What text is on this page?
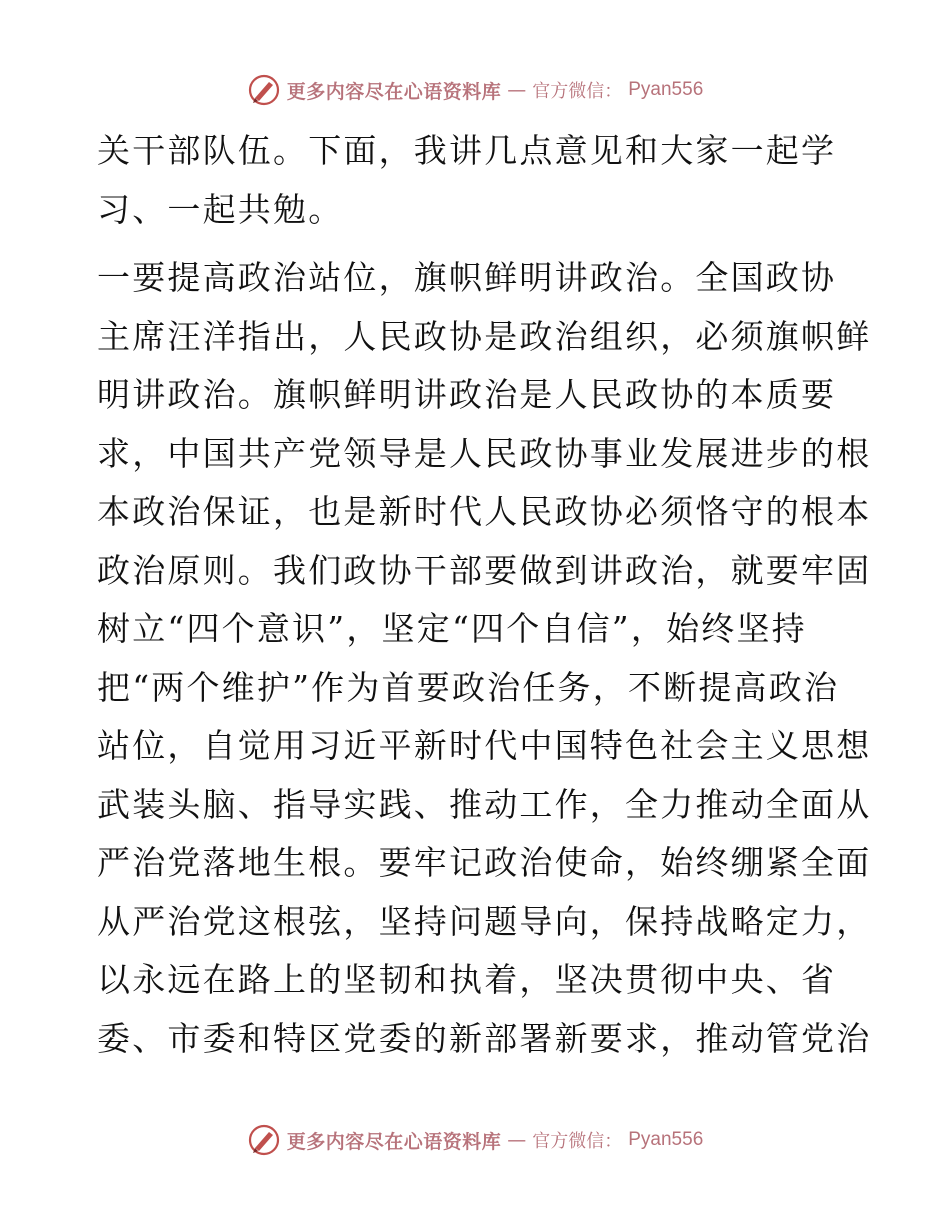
更多内容尽在心语资料库 — 官方微信： Pyan556
关干部队伍。下面，我讲几点意见和大家一起学
习、一起共勉。
一要提高政治站位，旗帜鲜明讲政治。全国政协
主席汪洋指出，人民政协是政治组织，必须旗帜鲜
明讲政治。旗帜鲜明讲政治是人民政协的本质要
求，中国共产党领导是人民政协事业发展进步的根
本政治保证，也是新时代人民政协必须恪守的根本
政治原则。我们政协干部要做到讲政治，就要牢固
树立“四个意识”，坚定“四个自信”，始终坚持
把“两个维护”作为首要政治任务，不断提高政治
站位，自觉用习近平新时代中国特色社会主义思想
武装头脑、指导实践、推动工作，全力推动全面从
严治党落地生根。要牢记政治使命，始终绷紧全面
从严治党这根弦，坚持问题导向，保持战略定力，
以永远在路上的坚韧和执着，坚决贯彻中央、省
委、市委和特区党委的新部署新要求，推动管党治
更多内容尽在心语资料库 — 官方微信： Pyan556
